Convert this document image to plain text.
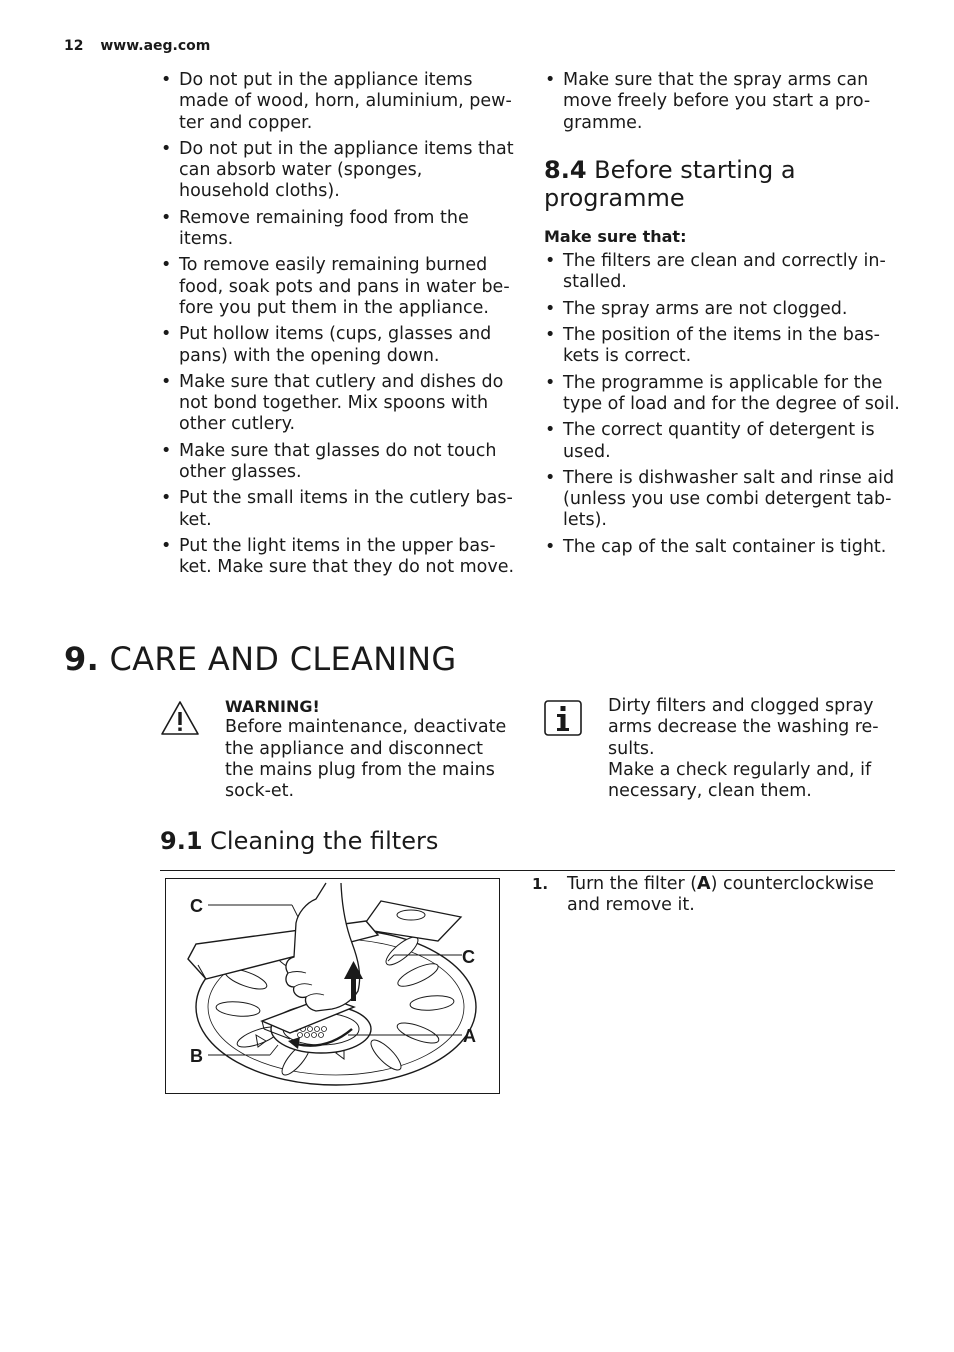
12 www.aeg.com
• Do not put in the appliance items made of wood, horn, aluminium, pew-ter and copper.
• Do not put in the appliance items that can absorb water (sponges, household cloths).
• Remove remaining food from the items.
• To remove easily remaining burned food, soak pots and pans in water be-fore you put them in the appliance.
• Put hollow items (cups, glasses and pans) with the opening down.
• Make sure that cutlery and dishes do not bond together. Mix spoons with other cutlery.
• Make sure that glasses do not touch other glasses.
• Put the small items in the cutlery bas-ket.
• Put the light items in the upper bas-ket. Make sure that they do not move.
• Make sure that the spray arms can move freely before you start a pro-gramme.
8.4 Before starting a programme
Make sure that:
• The filters are clean and correctly in-stalled.
• The spray arms are not clogged.
• The position of the items in the bas-kets is correct.
• The programme is applicable for the type of load and for the degree of soil.
• The correct quantity of detergent is used.
• There is dishwasher salt and rinse aid (unless you use combi detergent tab-lets).
• The cap of the salt container is tight.
9. CARE AND CLEANING
WARNING!
Before maintenance, deactivate the appliance and disconnect the mains plug from the mains sock-et.
Dirty filters and clogged spray arms decrease the washing re-sults.
Make a check regularly and, if necessary, clean them.
9.1 Cleaning the filters
C
C
A
B
1. Turn the filter (A) counterclockwise and remove it.
